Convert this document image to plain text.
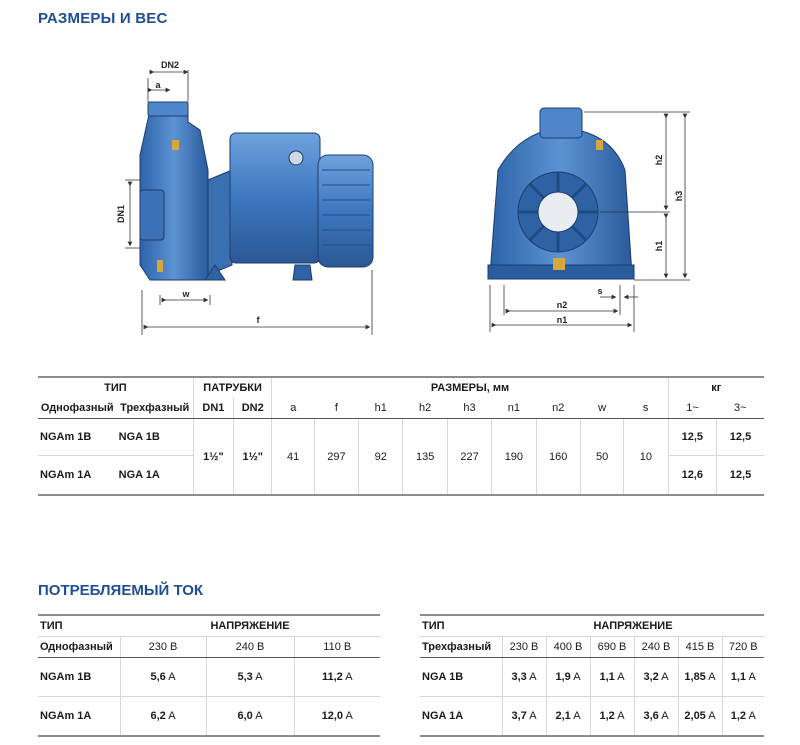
РАЗМЕРЫ И ВЕС
DN2
a
DN1
w
f
h2
h1
h3
s
n2
n1
ТИП		ПАТРУБКИ		РАЗМЕРЫ, мм									кг	
Однофазный	Трехфазный	DN1	DN2	a	f	h1	h2	h3	n1	n2	w	s	1~	3~
NGAm 1B	NGA 1B	1½"	1½"	41	297	92	135	227	190	160	50	10	12,5	12,5
NGAm 1A	NGA 1A												12,6	12,5
ПОТРЕБЛЯЕМЫЙ ТОК
ТИП	НАПРЯЖЕНИЕ		
Однофазный	230 В	240 В	110 В
NGAm 1B	5,6 A	5,3 A	11,2 A
NGAm 1A	6,2 A	6,0 A	12,0 A
ТИП	НАПРЯЖЕНИЕ					
Трехфазный	230 В	400 В	690 В	240 В	415 В	720 В
NGA 1B	3,3 A	1,9 A	1,1 A	3,2 A	1,85 A	1,1 A
NGA 1A	3,7 A	2,1 A	1,2 A	3,6 A	2,05 A	1,2 A
